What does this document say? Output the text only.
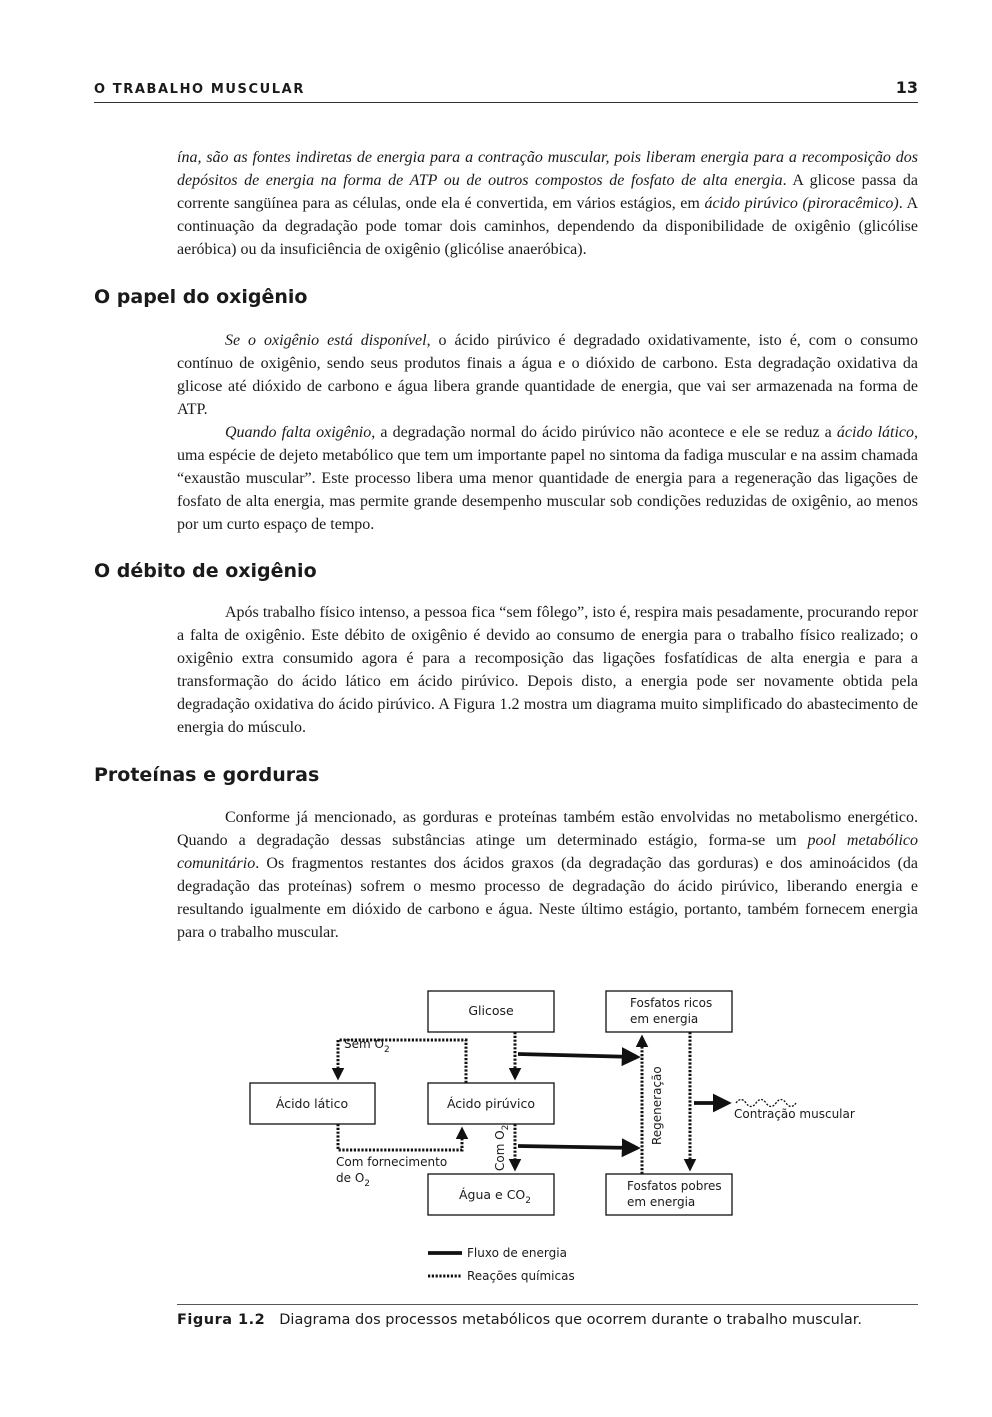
O TRABALHO MUSCULAR	13

ína, são as fontes indiretas de energia para a contração muscular, pois liberam energia para a recomposição dos depósitos de energia na forma de ATP ou de outros compostos de fosfato de alta energia. A glicose passa da corrente sangüínea para as células, onde ela é convertida, em vários estágios, em ácido pirúvico (piroracêmico). A continuação da degradação pode tomar dois caminhos, dependendo da disponibilidade de oxigênio (glicólise aeróbica) ou da insuficiência de oxigênio (glicólise anaeróbica).

O papel do oxigênio

Se o oxigênio está disponível, o ácido pirúvico é degradado oxidativamente, isto é, com o consumo contínuo de oxigênio, sendo seus produtos finais a água e o dióxido de carbono. Esta degradação oxidativa da glicose até dióxido de carbono e água libera grande quantidade de energia, que vai ser armazenada na forma de ATP.

Quando falta oxigênio, a degradação normal do ácido pirúvico não acontece e ele se reduz a ácido lático, uma espécie de dejeto metabólico que tem um importante papel no sintoma da fadiga muscular e na assim chamada “exaustão muscular”. Este processo libera uma menor quantidade de energia para a regeneração das ligações de fosfato de alta energia, mas permite grande desempenho muscular sob condições reduzidas de oxigênio, ao menos por um curto espaço de tempo.

O débito de oxigênio

Após trabalho físico intenso, a pessoa fica “sem fôlego”, isto é, respira mais pesadamente, procurando repor a falta de oxigênio. Este débito de oxigênio é devido ao consumo de energia para o trabalho físico realizado; o oxigênio extra consumido agora é para a recomposição das ligações fosfatídicas de alta energia e para a transformação do ácido lático em ácido pirúvico. Depois disto, a energia pode ser novamente obtida pela degradação oxidativa do ácido pirúvico. A Figura 1.2 mostra um diagrama muito simplificado do abastecimento de energia do músculo.

Proteínas e gorduras

Conforme já mencionado, as gorduras e proteínas também estão envolvidas no metabolismo energético. Quando a degradação dessas substâncias atinge um determinado estágio, forma-se um pool metabólico comunitário. Os fragmentos restantes dos ácidos graxos (da degradação das gorduras) e dos aminoácidos (da degradação das proteínas) sofrem o mesmo processo de degradação do ácido pirúvico, liberando energia e resultando igualmente em dióxido de carbono e água. Neste último estágio, portanto, também fornecem energia para o trabalho muscular.

Glicose	Fosfatos ricos
em energia
Ácido lático	Ácido pirúvico
Água e $CO_2$
Fosfatos pobres
em energia
Sem $O_2$
Com fornecimento
de $O_2$
Com $O_2$	Regeneração	Contração muscular
Fluxo de energia
Reações químicas
Figura 1.2 Diagrama dos processos metabólicos que ocorrem durante o trabalho muscular.
